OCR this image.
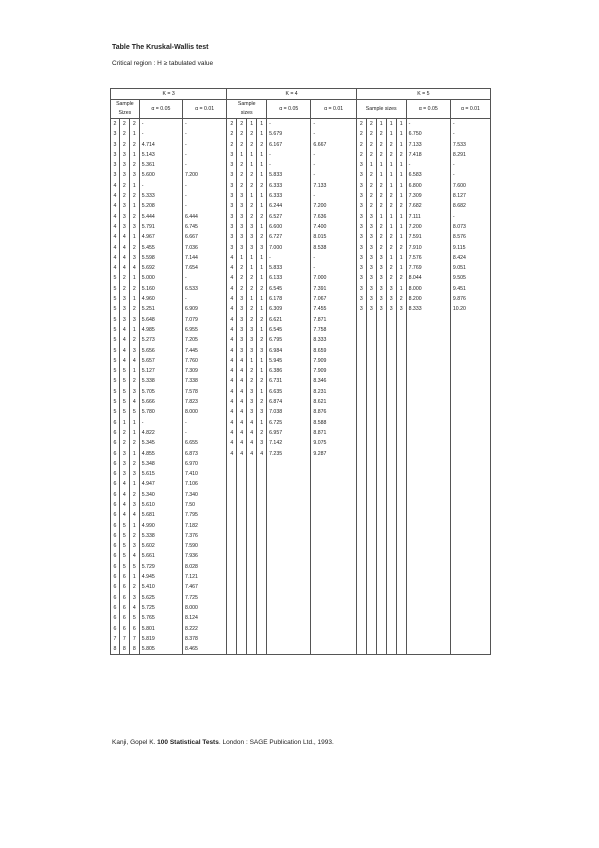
Table The Kruskal-Wallis test
Critical region : H ≥ tabulated value
K = 3					K = 4						K = 5						
Sample			α = 0.05	α = 0.01	Sample				α = 0.05	α = 0.01	Sample sizes					α = 0.05	α = 0.01
Sizes					sizes												
2	2	2	-	-	2	2	1	1	-	-	2	2	1	1	1	-	-
3	2	1	-	-	2	2	2	1	5.679	-	2	2	2	1	1	6.750	-
3	2	2	4.714	-	2	2	2	2	6.167	6.667	2	2	2	2	1	7.133	7.533
3	3	1	5.143	-	3	1	1	1	-	-	2	2	2	2	2	7.418	8.291
3	3	2	5.361	-	3	2	1	1	-	-	3	1	1	1	1	-	-
3	3	3	5.600	7.200	3	2	2	1	5.833	-	3	2	1	1	1	6.583	-
4	2	1	-	-	3	2	2	2	6.333	7.133	3	2	2	1	1	6.800	7.600
4	2	2	5.333	-	3	3	1	1	6.333	-	3	2	2	2	1	7.309	8.127
4	3	1	5.208	-	3	3	2	1	6.244	7.200	3	2	2	2	2	7.682	8.682
4	3	2	5.444	6.444	3	3	2	2	6.527	7.636	3	3	1	1	1	7.111	-
4	3	3	5.791	6.745	3	3	3	1	6.600	7.400	3	3	2	1	1	7.200	8.073
4	4	1	4.967	6.667	3	3	3	2	6.727	8.015	3	3	2	2	1	7.591	8.576
4	4	2	5.455	7.036	3	3	3	3	7.000	8.538	3	3	2	2	2	7.910	9.115
4	4	3	5.598	7.144	4	1	1	1	-	-	3	3	3	1	1	7.576	8.424
4	4	4	5.692	7.654	4	2	1	1	5.833	-	3	3	3	2	1	7.769	9.051
5	2	1	5.000	-	4	2	2	1	6.133	7.000	3	3	3	2	2	8.044	9.505
5	2	2	5.160	6.533	4	2	2	2	6.545	7.391	3	3	3	3	1	8.000	9.451
5	3	1	4.960	-	4	3	1	1	6.178	7.067	3	3	3	3	2	8.200	9.876
5	3	2	5.251	6.909	4	3	2	1	6.309	7.455	3	3	3	3	3	8.333	10.20
5	3	3	5.648	7.079	4	3	2	2	6.621	7.871							
5	4	1	4.985	6.955	4	3	3	1	6.545	7.758							
5	4	2	5.273	7.205	4	3	3	2	6.795	8.333							
5	4	3	5.656	7.445	4	3	3	3	6.984	8.659							
5	4	4	5.657	7.760	4	4	1	1	5.945	7.909							
5	5	1	5.127	7.309	4	4	2	1	6.386	7.909							
5	5	2	5.338	7.338	4	4	2	2	6.731	8.346							
5	5	3	5.705	7.578	4	4	3	1	6.635	8.231							
5	5	4	5.666	7.823	4	4	3	2	6.874	8.621							
5	5	5	5.780	8.000	4	4	3	3	7.038	8.876							
6	1	1	-	-	4	4	4	1	6.725	8.588							
6	2	1	4.822	-	4	4	4	2	6.957	8.871							
6	2	2	5.345	6.655	4	4	4	3	7.142	9.075							
6	3	1	4.855	6.873	4	4	4	4	7.235	9.287							
6	3	2	5.348	6.970													
6	3	3	5.615	7.410													
6	4	1	4.947	7.106													
6	4	2	5.340	7.340													
6	4	3	5.610	7.50													
6	4	4	5.681	7.795													
6	5	1	4.990	7.182													
6	5	2	5.338	7.376													
6	5	3	5.602	7.590													
6	5	4	5.661	7.936													
6	5	5	5.729	8.028													
6	6	1	4.945	7.121													
6	6	2	5.410	7.467													
6	6	3	5.625	7.725													
6	6	4	5.725	8.000													
6	6	5	5.765	8.124													
6	6	6	5.801	8.222													
7	7	7	5.819	8.378													
8	8	8	5.805	8.465													
Kanji, Gopel K. 100 Statistical Tests. London : SAGE Publication Ltd., 1993.
